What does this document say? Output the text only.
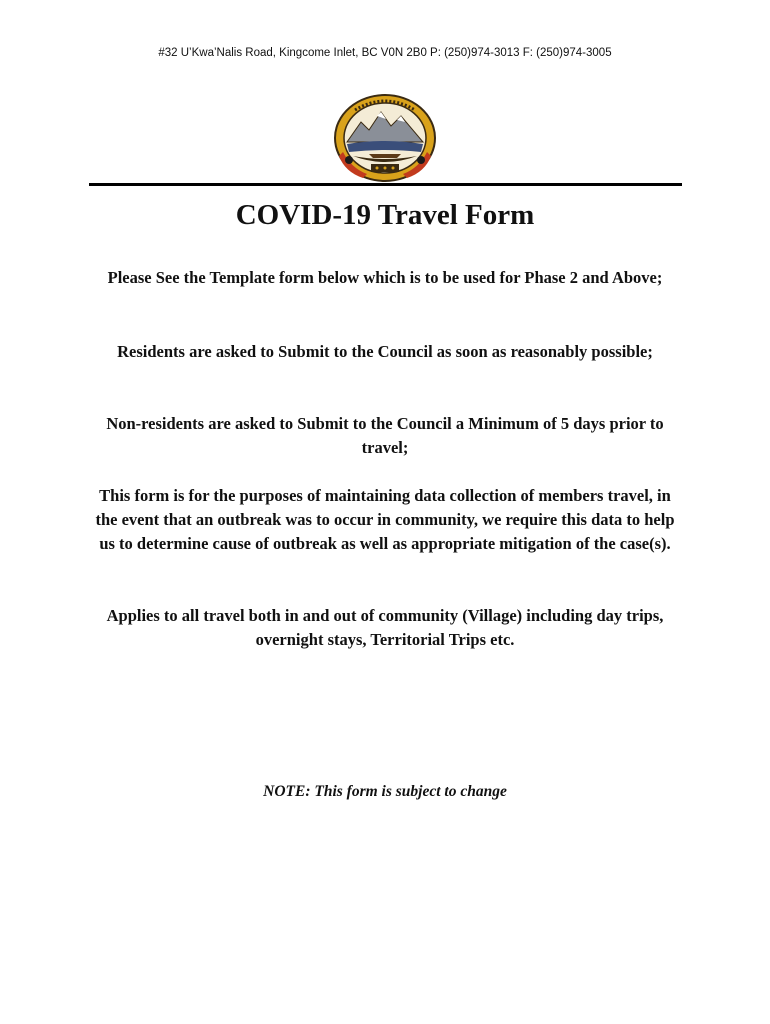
#32 U’Kwa’Nalis Road, Kingcome Inlet, BC V0N 2B0 P: (250)974-3013 F: (250)974-3005
COVID-19 Travel Form
Please See the Template form below which is to be used for Phase 2 and Above;
Residents are asked to Submit to the Council as soon as reasonably possible;
Non-residents are asked to Submit to the Council a Minimum of 5 days prior to travel;
This form is for the purposes of maintaining data collection of members travel, in the event that an outbreak was to occur in community, we require this data to help us to determine cause of outbreak as well as appropriate mitigation of the case(s).
Applies to all travel both in and out of community (Village) including day trips, overnight stays, Territorial Trips etc.
NOTE: This form is subject to change
